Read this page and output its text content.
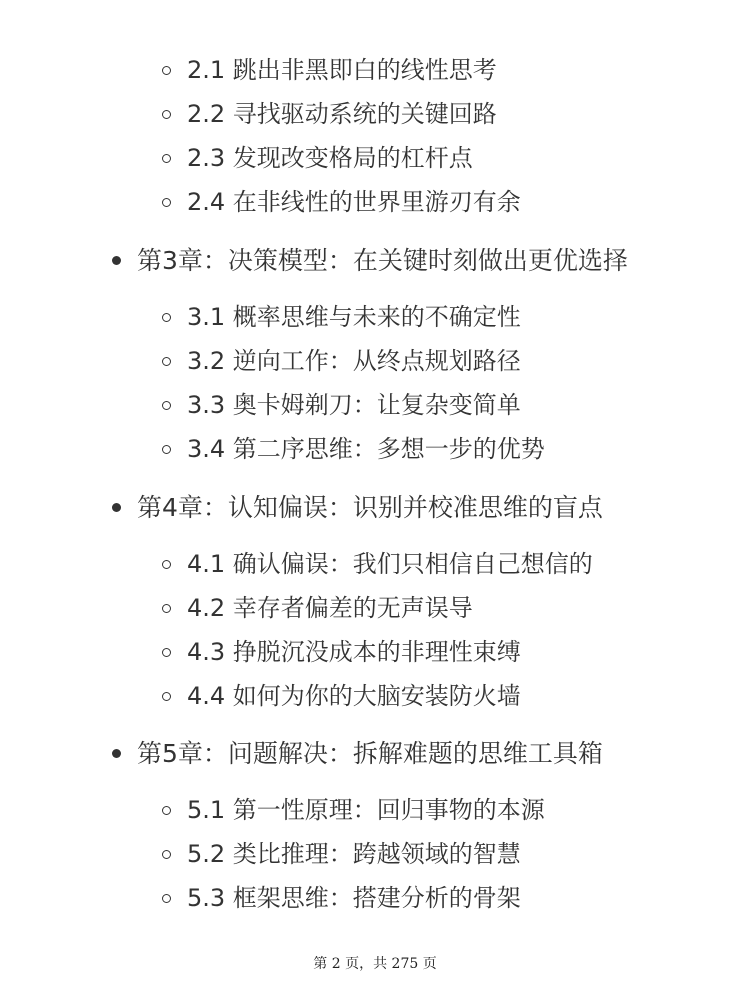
2.1 跳出非黑即白的线性思考
2.2 寻找驱动系统的关键回路
2.3 发现改变格局的杠杆点
2.4 在非线性的世界里游刃有余
第3章：决策模型：在关键时刻做出更优选择
3.1 概率思维与未来的不确定性
3.2 逆向工作：从终点规划路径
3.3 奥卡姆剃刀：让复杂变简单
3.4 第二序思维：多想一步的优势
第4章：认知偏误：识别并校准思维的盲点
4.1 确认偏误：我们只相信自己想信的
4.2 幸存者偏差的无声误导
4.3 挣脱沉没成本的非理性束缚
4.4 如何为你的大脑安装防火墙
第5章：问题解决：拆解难题的思维工具箱
5.1 第一性原理：回归事物的本源
5.2 类比推理：跨越领域的智慧
5.3 框架思维：搭建分析的骨架
第 2 页，共 275 页
